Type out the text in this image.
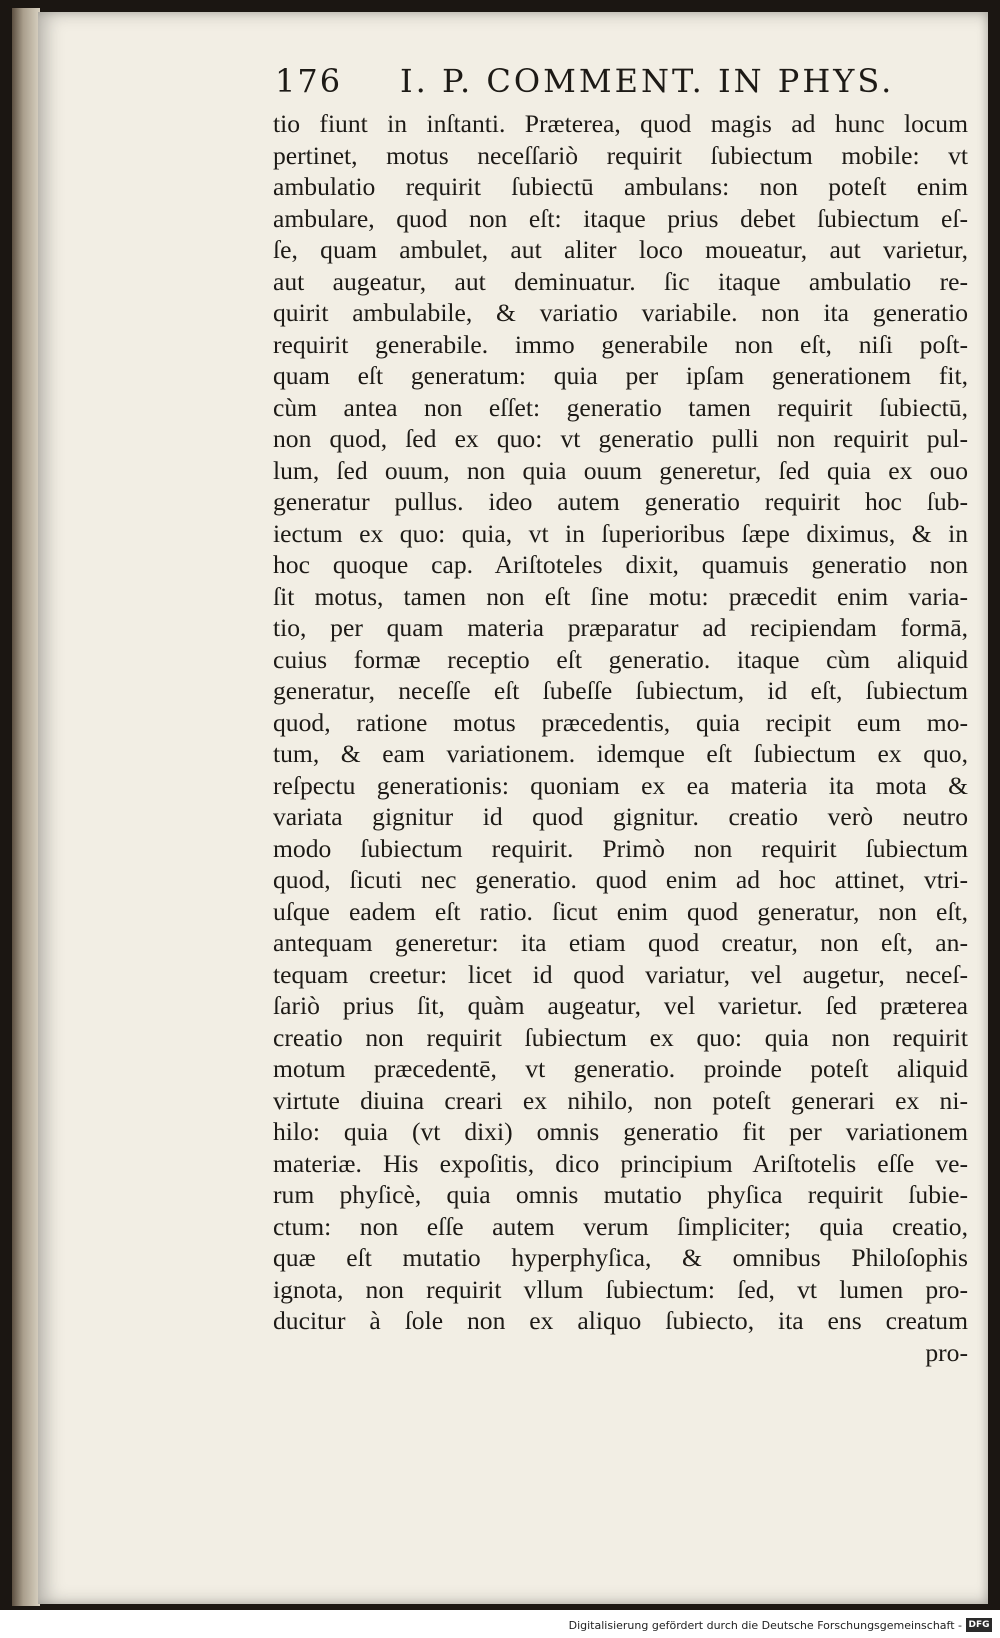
176 I. P. COMMENT. IN PHYS.
tio fiunt in inſtanti. Præterea, quod magis ad hunc locum
pertinet, motus neceſſariò requirit ſubiectum mobile: vt
ambulatio requirit ſubiectū ambulans: non poteſt enim
ambulare, quod non eſt: itaque prius debet ſubiectum eſ-
ſe, quam ambulet, aut aliter loco moueatur, aut varietur,
aut augeatur, aut deminuatur. ſic itaque ambulatio re-
quirit ambulabile, & variatio variabile. non ita generatio
requirit generabile. immo generabile non eſt, niſi poſt-
quam eſt generatum: quia per ipſam generationem fit,
cùm antea non eſſet: generatio tamen requirit ſubiectū,
non quod, ſed ex quo: vt generatio pulli non requirit pul-
lum, ſed ouum, non quia ouum generetur, ſed quia ex ouo
generatur pullus. ideo autem generatio requirit hoc ſub-
iectum ex quo: quia, vt in ſuperioribus ſæpe diximus, & in
hoc quoque cap. Ariſtoteles dixit, quamuis generatio non
ſit motus, tamen non eſt ſine motu: præcedit enim varia-
tio, per quam materia præparatur ad recipiendam formā,
cuius formæ receptio eſt generatio. itaque cùm aliquid
generatur, neceſſe eſt ſubeſſe ſubiectum, id eſt, ſubiectum
quod, ratione motus præcedentis, quia recipit eum mo-
tum, & eam variationem. idemque eſt ſubiectum ex quo,
reſpectu generationis: quoniam ex ea materia ita mota &
variata gignitur id quod gignitur. creatio verò neutro
modo ſubiectum requirit. Primò non requirit ſubiectum
quod, ſicuti nec generatio. quod enim ad hoc attinet, vtri-
uſque eadem eſt ratio. ſicut enim quod generatur, non eſt,
antequam generetur: ita etiam quod creatur, non eſt, an-
tequam creetur: licet id quod variatur, vel augetur, neceſ-
ſariò prius ſit, quàm augeatur, vel varietur. ſed præterea
creatio non requirit ſubiectum ex quo: quia non requirit
motum præcedentē, vt generatio. proinde poteſt aliquid
virtute diuina creari ex nihilo, non poteſt generari ex ni-
hilo: quia (vt dixi) omnis generatio fit per variationem
materiæ. His expoſitis, dico principium Ariſtotelis eſſe ve-
rum phyſicè, quia omnis mutatio phyſica requirit ſubie-
ctum: non eſſe autem verum ſimpliciter; quia creatio,
quæ eſt mutatio hyperphyſica, & omnibus Philoſophis
ignota, non requirit vllum ſubiectum: ſed, vt lumen pro-
ducitur à ſole non ex aliquo ſubiecto, ita ens creatum
pro-
Digitalisierung gefördert durch die Deutsche Forschungsgemeinschaft - DFG
